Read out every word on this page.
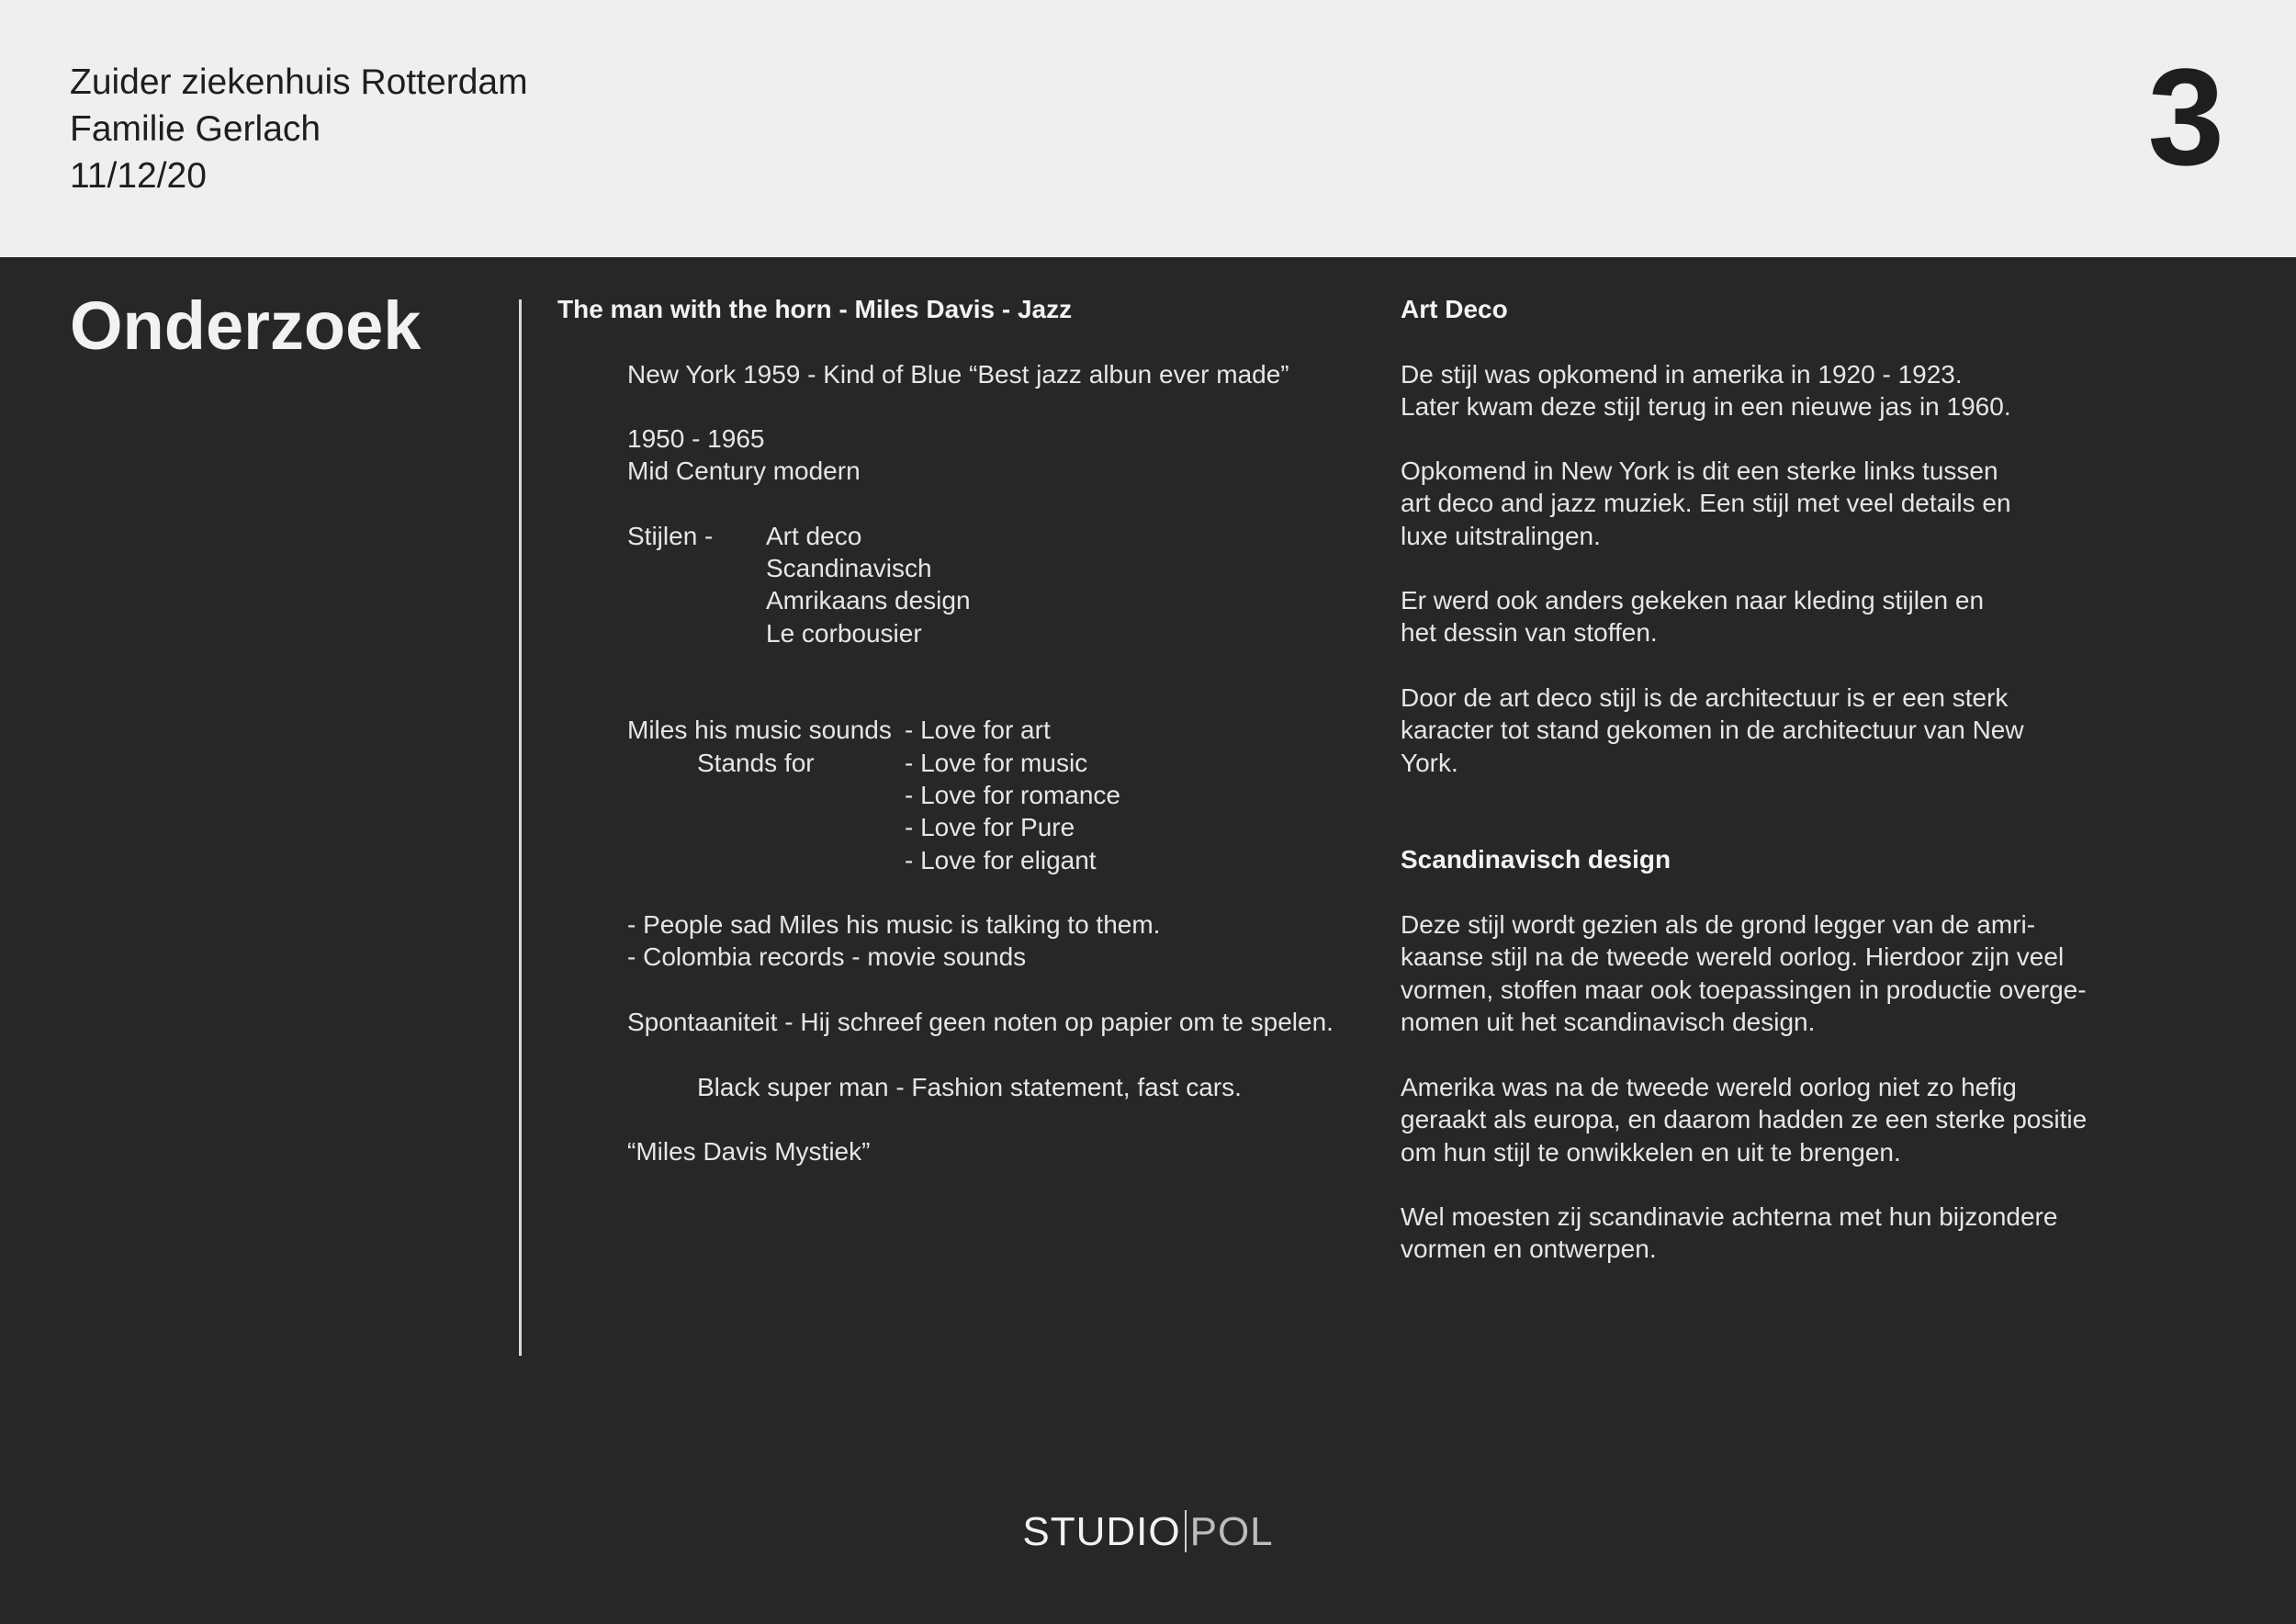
Zuider ziekenhuis Rotterdam
Familie Gerlach
11/12/20	3
Onderzoek	The man with the horn - Miles Davis - Jazz
New York 1959 - Kind of Blue “Best jazz albun ever made”
1950 - 1965
Mid Century modern
Stijlen - Art deco
Scandinavisch
Amrikaans design
Le corbousier
Miles his music sounds
Stands for
- Love for art
- Love for music
- Love for romance
- Love for Pure
- Love for eligant
- People sad Miles his music is talking to them.
- Colombia records - movie sounds
Spontaaniteit - Hij schreef geen noten op papier om te spelen.
Black super man - Fashion statement, fast cars.
“Miles Davis Mystiek”
Art Deco
De stijl was opkomend in amerika in 1920 - 1923.
Later kwam deze stijl terug in een nieuwe jas in 1960.
Opkomend in New York is dit een sterke links tussen
art deco and jazz muziek. Een stijl met veel details en
luxe uitstralingen.
Er werd ook anders gekeken naar kleding stijlen en
het dessin van stoffen.
Door de art deco stijl is de architectuur is er een sterk
karacter tot stand gekomen in de architectuur van New
York.
Scandinavisch design
Deze stijl wordt gezien als de grond legger van de amri-
kaanse stijl na de tweede wereld oorlog. Hierdoor zijn veel
vormen, stoffen maar ook toepassingen in productie overge-
nomen uit het scandinavisch design.
Amerika was na de tweede wereld oorlog niet zo hefig
geraakt als europa, en daarom hadden ze een sterke positie
om hun stijl te onwikkelen en uit te brengen.
Wel moesten zij scandinavie achterna met hun bijzondere
vormen en ontwerpen.
STUDIO POL
